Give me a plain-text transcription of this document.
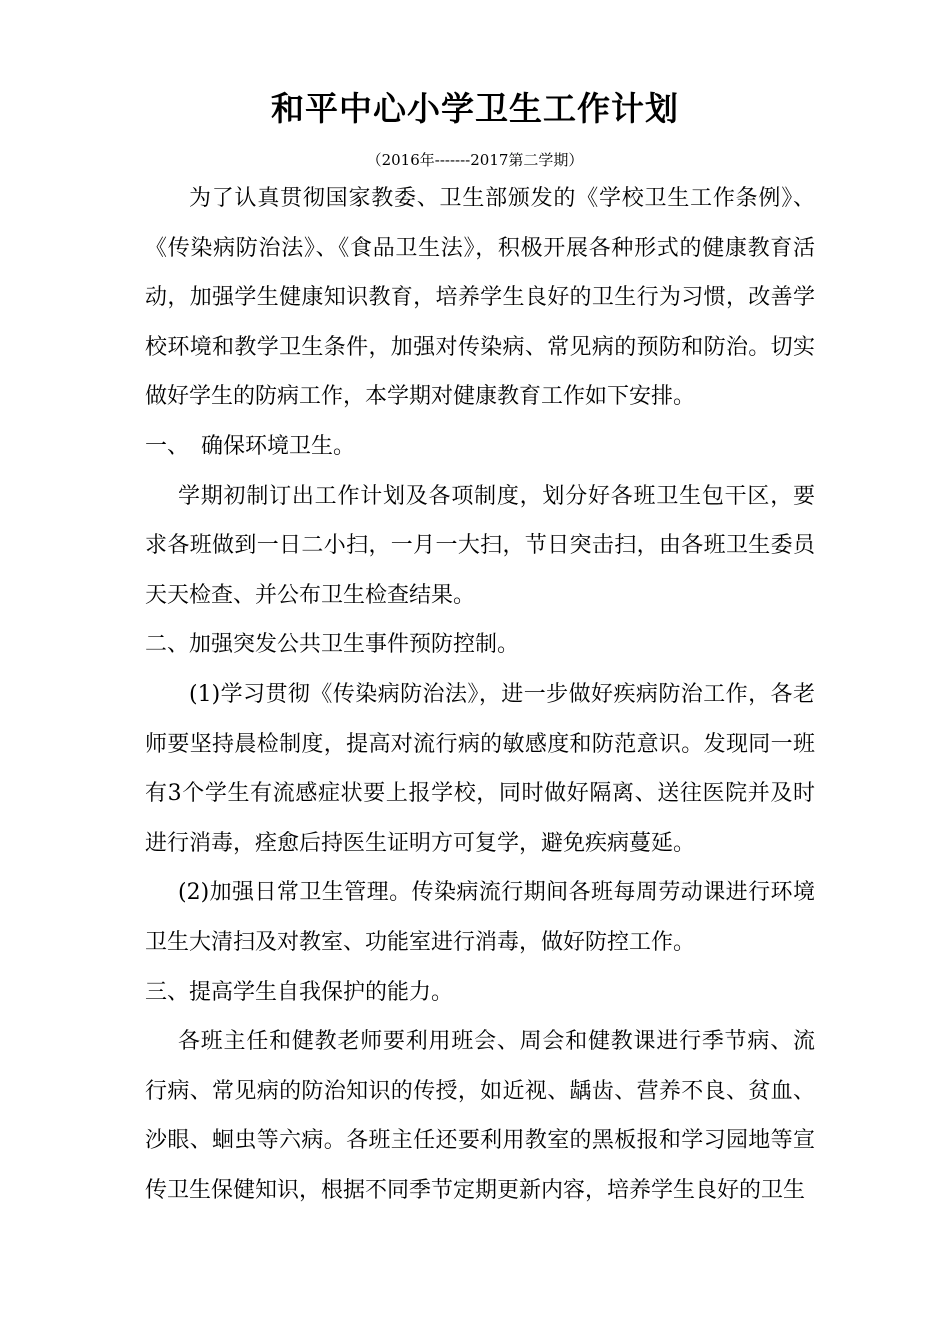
和平中心小学卫生工作计划
（2016年-------2017第二学期）

为了认真贯彻国家教委、卫生部颁发的《学校卫生工作条例》、《传染病防治法》、《食品卫生法》，积极开展各种形式的健康教育活动，加强学生健康知识教育，培养学生良好的卫生行为习惯，改善学校环境和教学卫生条件，加强对传染病、常见病的预防和防治。切实做好学生的防病工作，本学期对健康教育工作如下安排。

一、 确保环境卫生。

学期初制订出工作计划及各项制度，划分好各班卫生包干区，要求各班做到一日二小扫，一月一大扫，节日突击扫，由各班卫生委员天天检查、并公布卫生检查结果。

二、加强突发公共卫生事件预防控制。

(1)学习贯彻《传染病防治法》，进一步做好疾病防治工作，各老师要坚持晨检制度，提高对流行病的敏感度和防范意识。发现同一班有3个学生有流感症状要上报学校，同时做好隔离、送往医院并及时进行消毒，痊愈后持医生证明方可复学，避免疾病蔓延。

(2)加强日常卫生管理。传染病流行期间各班每周劳动课进行环境卫生大清扫及对教室、功能室进行消毒，做好防控工作。

三、提高学生自我保护的能力。

各班主任和健教老师要利用班会、周会和健教课进行季节病、流行病、常见病的防治知识的传授，如近视、龋齿、营养不良、贫血、沙眼、蛔虫等六病。各班主任还要利用教室的黑板报和学习园地等宣传卫生保健知识，根据不同季节定期更新内容，培养学生良好的卫生
